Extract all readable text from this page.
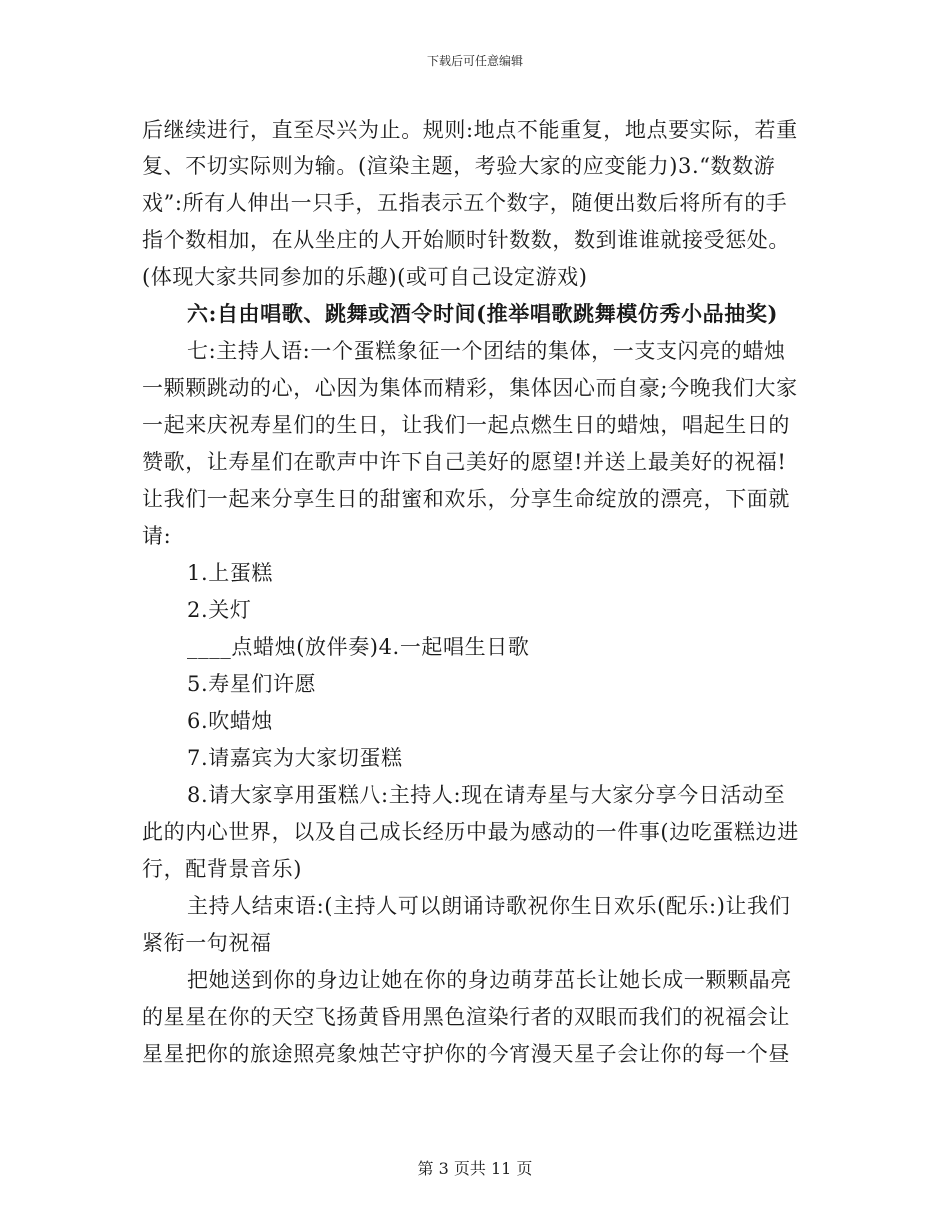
下载后可任意编辑
后继续进行，直至尽兴为止。规则:地点不能重复，地点要实际，若重
复、不切实际则为输。(渲染主题，考验大家的应变能力)3.“数数游
戏”:所有人伸出一只手，五指表示五个数字，随便出数后将所有的手
指个数相加，在从坐庄的人开始顺时针数数，数到谁谁就接受惩处。
(体现大家共同参加的乐趣)(或可自己设定游戏)
六:自由唱歌、跳舞或酒令时间(推举唱歌跳舞模仿秀小品抽奖)
七:主持人语:一个蛋糕象征一个团结的集体，一支支闪亮的蜡烛
一颗颗跳动的心，心因为集体而精彩，集体因心而自豪;今晚我们大家
一起来庆祝寿星们的生日，让我们一起点燃生日的蜡烛，唱起生日的
赞歌，让寿星们在歌声中许下自己美好的愿望!并送上最美好的祝福!
让我们一起来分享生日的甜蜜和欢乐，分享生命绽放的漂亮，下面就
请:
1.上蛋糕
2.关灯
____点蜡烛(放伴奏)4.一起唱生日歌
5.寿星们许愿
6.吹蜡烛
7.请嘉宾为大家切蛋糕
8.请大家享用蛋糕八:主持人:现在请寿星与大家分享今日活动至
此的内心世界，以及自己成长经历中最为感动的一件事(边吃蛋糕边进
行，配背景音乐)
主持人结束语:(主持人可以朗诵诗歌祝你生日欢乐(配乐:)让我们
紧衔一句祝福
把她送到你的身边让她在你的身边萌芽茁长让她长成一颗颗晶亮
的星星在你的天空飞扬黄昏用黑色渲染行者的双眼而我们的祝福会让
星星把你的旅途照亮象烛芒守护你的今宵漫天星子会让你的每一个昼
第 3 页共 11 页
